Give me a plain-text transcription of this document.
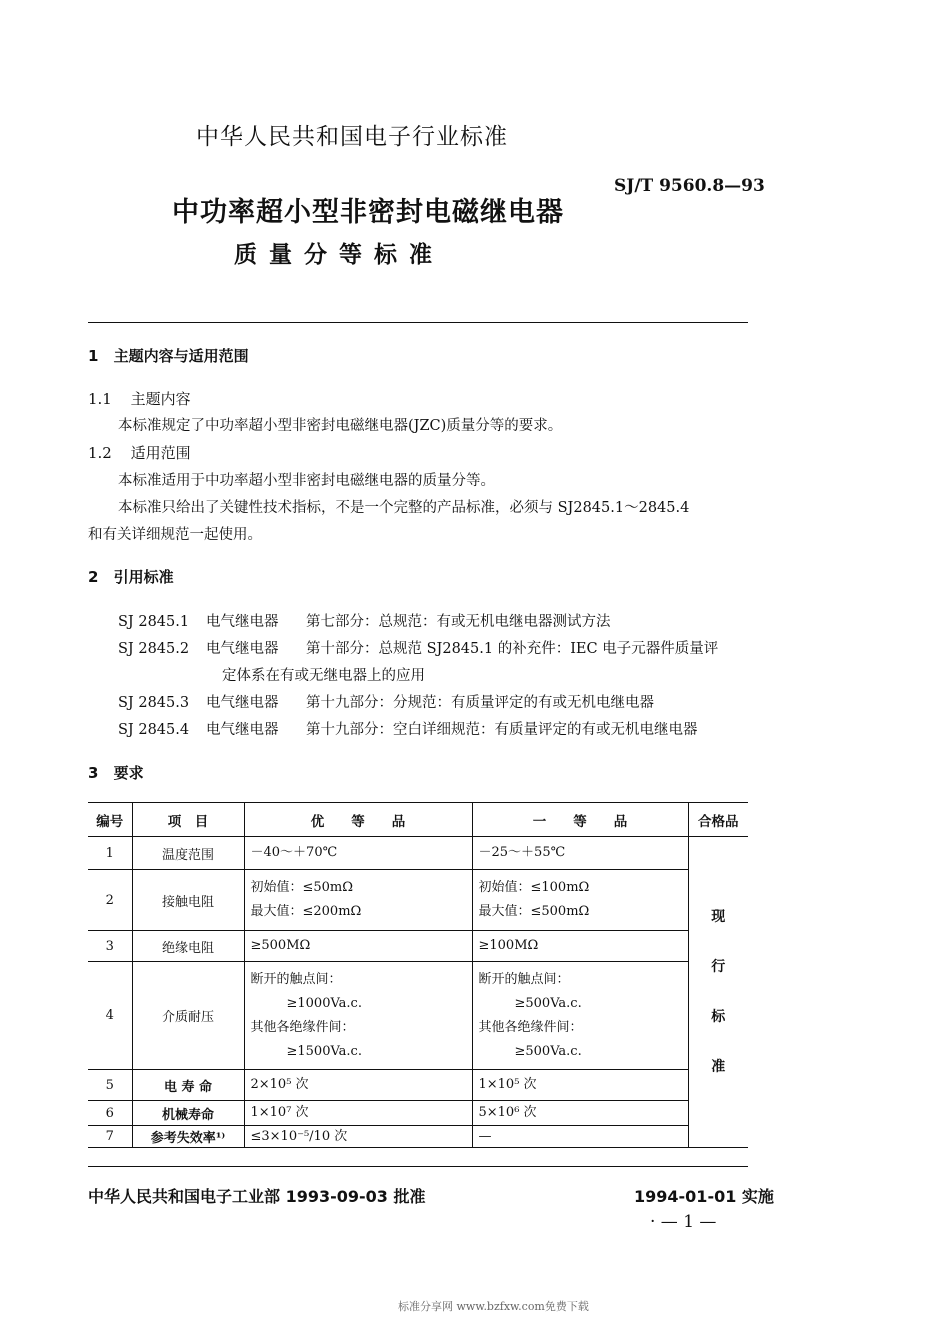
中华人民共和国电子行业标准
SJ/T 9560.8—93
中功率超小型非密封电磁继电器
质量分等标准
1 主题内容与适用范围
1.1 主题内容
本标准规定了中功率超小型非密封电磁继电器(JZC)质量分等的要求。
1.2 适用范围
本标准适用于中功率超小型非密封电磁继电器的质量分等。
本标准只给出了关键性技术指标，不是一个完整的产品标准，必须与 SJ2845.1～2845.4
和有关详细规范一起使用。
2 引用标准
SJ 2845.1 电气继电器 第七部分：总规范：有或无机电继电器测试方法
SJ 2845.2 电气继电器 第十部分：总规范 SJ2845.1 的补充件：IEC 电子元器件质量评
定体系在有或无继电器上的应用
SJ 2845.3 电气继电器 第十九部分：分规范：有质量评定的有或无机电继电器
SJ 2845.4 电气继电器 第十九部分：空白详细规范：有质量评定的有或无机电继电器
3 要求
编号	项　目	优　　等　　品	一　　等　　品	合格品
1	温度范围	－40～＋70℃	－25～＋55℃	现
行
标
准

2	接触电阻	初始值：≤50mΩ
最大值：≤200mΩ	初始值：≤100mΩ
最大值：≤500mΩ	

3	绝缘电阻	≥500MΩ	≥100MΩ	

4	介质耐压	断开的触点间：
≥1000Va.c.
其他各绝缘件间：
≥1500Va.c.	断开的触点间：
≥500Va.c.
其他各绝缘件间：
≥500Va.c.	

5	电 寿 命	2×10⁵ 次	1×10⁵ 次	

6	机械寿命	1×10⁷ 次	5×10⁶ 次	

7	参考失效率¹⁾	≤3×10⁻⁵/10 次	—	
中华人民共和国电子工业部 1993-09-03 批准	1994-01-01 实施
· — 1 —
标准分享网 www.bzfxw.com免费下载
